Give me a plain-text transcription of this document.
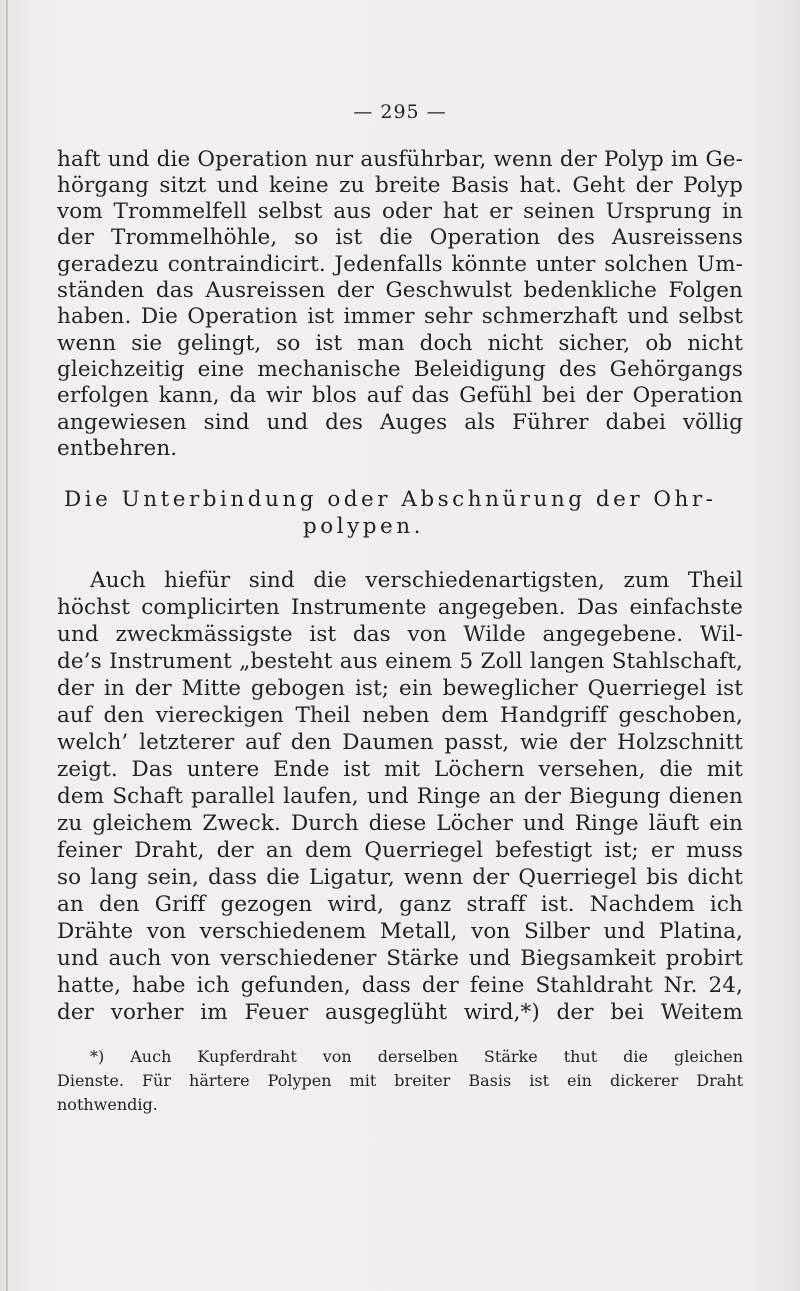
— 295 —
haft und die Operation nur ausführbar, wenn der Polyp im Ge-
hörgang sitzt und keine zu breite Basis hat. Geht der Polyp
vom Trommelfell selbst aus oder hat er seinen Ursprung in
der Trommelhöhle, so ist die Operation des Ausreissens
geradezu contraindicirt. Jedenfalls könnte unter solchen Um-
ständen das Ausreissen der Geschwulst bedenkliche Folgen
haben. Die Operation ist immer sehr schmerzhaft und selbst
wenn sie gelingt, so ist man doch nicht sicher, ob nicht
gleichzeitig eine mechanische Beleidigung des Gehörgangs
erfolgen kann, da wir blos auf das Gefühl bei der Operation
angewiesen sind und des Auges als Führer dabei völlig
entbehren.
Die Unterbindung oder Abschnürung der Ohr-
polypen.
Auch hiefür sind die verschiedenartigsten, zum Theil
höchst complicirten Instrumente angegeben. Das einfachste
und zweckmässigste ist das von Wilde angegebene. Wil-
de’s Instrument „besteht aus einem 5 Zoll langen Stahlschaft,
der in der Mitte gebogen ist; ein beweglicher Querriegel ist
auf den viereckigen Theil neben dem Handgriff geschoben,
welch’ letzterer auf den Daumen passt, wie der Holzschnitt
zeigt. Das untere Ende ist mit Löchern versehen, die mit
dem Schaft parallel laufen, und Ringe an der Biegung dienen
zu gleichem Zweck. Durch diese Löcher und Ringe läuft ein
feiner Draht, der an dem Querriegel befestigt ist; er muss
so lang sein, dass die Ligatur, wenn der Querriegel bis dicht
an den Griff gezogen wird, ganz straff ist. Nachdem ich
Drähte von verschiedenem Metall, von Silber und Platina,
und auch von verschiedener Stärke und Biegsamkeit probirt
hatte, habe ich gefunden, dass der feine Stahldraht Nr. 24,
der vorher im Feuer ausgeglüht wird,*) der bei Weitem
*) Auch Kupferdraht von derselben Stärke thut die gleichen
Dienste. Für härtere Polypen mit breiter Basis ist ein dickerer Draht
nothwendig.
